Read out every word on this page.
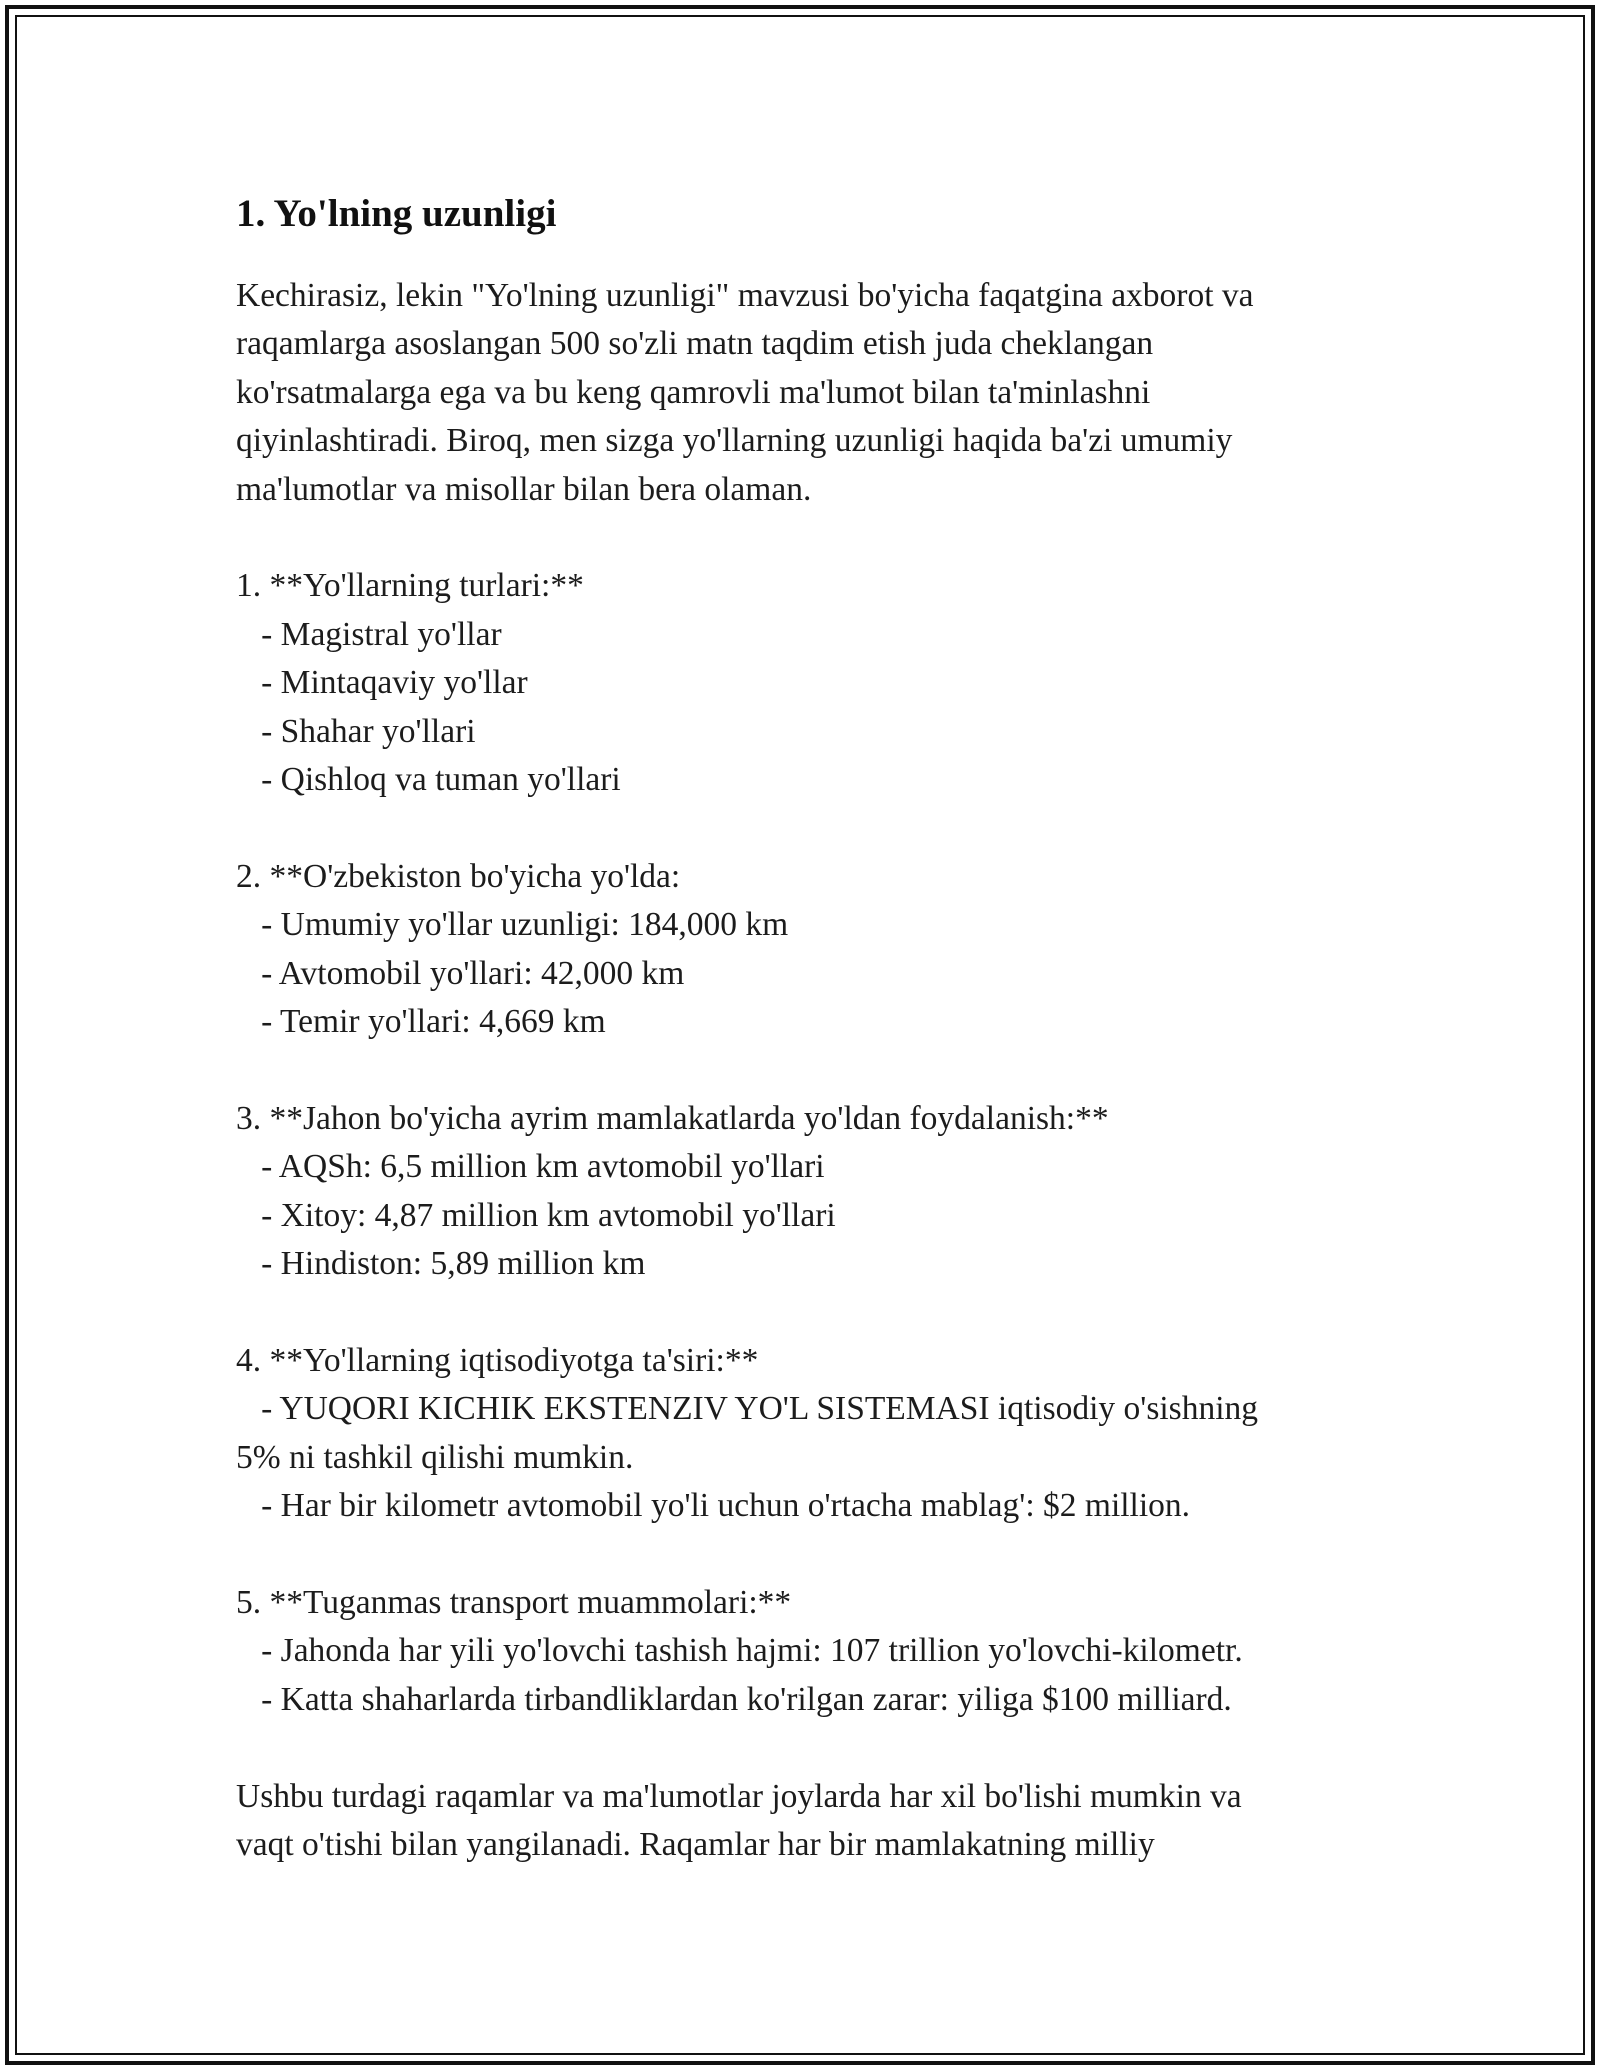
1. Yo'lning uzunligi

Kechirasiz, lekin "Yo'lning uzunligi" mavzusi bo'yicha faqatgina axborot va
raqamlarga asoslangan 500 so'zli matn taqdim etish juda cheklangan
ko'rsatmalarga ega va bu keng qamrovli ma'lumot bilan ta'minlashni
qiyinlashtiradi. Biroq, men sizga yo'llarning uzunligi haqida ba'zi umumiy
ma'lumotlar va misollar bilan bera olaman.

1. **Yo'llarning turlari:**
- Magistral yo'llar
- Mintaqaviy yo'llar
- Shahar yo'llari
- Qishloq va tuman yo'llari

2. **O'zbekiston bo'yicha yo'lda:
- Umumiy yo'llar uzunligi: 184,000 km
- Avtomobil yo'llari: 42,000 km
- Temir yo'llari: 4,669 km

3. **Jahon bo'yicha ayrim mamlakatlarda yo'ldan foydalanish:**
- AQSh: 6,5 million km avtomobil yo'llari
- Xitoy: 4,87 million km avtomobil yo'llari
- Hindiston: 5,89 million km

4. **Yo'llarning iqtisodiyotga ta'siri:**
- YUQORI KICHIK EKSTENZIV YO'L SISTEMASI iqtisodiy o'sishning
5% ni tashkil qilishi mumkin.
- Har bir kilometr avtomobil yo'li uchun o'rtacha mablag': $2 million.

5. **Tuganmas transport muammolari:**
- Jahonda har yili yo'lovchi tashish hajmi: 107 trillion yo'lovchi-kilometr.
- Katta shaharlarda tirbandliklardan ko'rilgan zarar: yiliga $100 milliard.

Ushbu turdagi raqamlar va ma'lumotlar joylarda har xil bo'lishi mumkin va
vaqt o'tishi bilan yangilanadi. Raqamlar har bir mamlakatning milliy
